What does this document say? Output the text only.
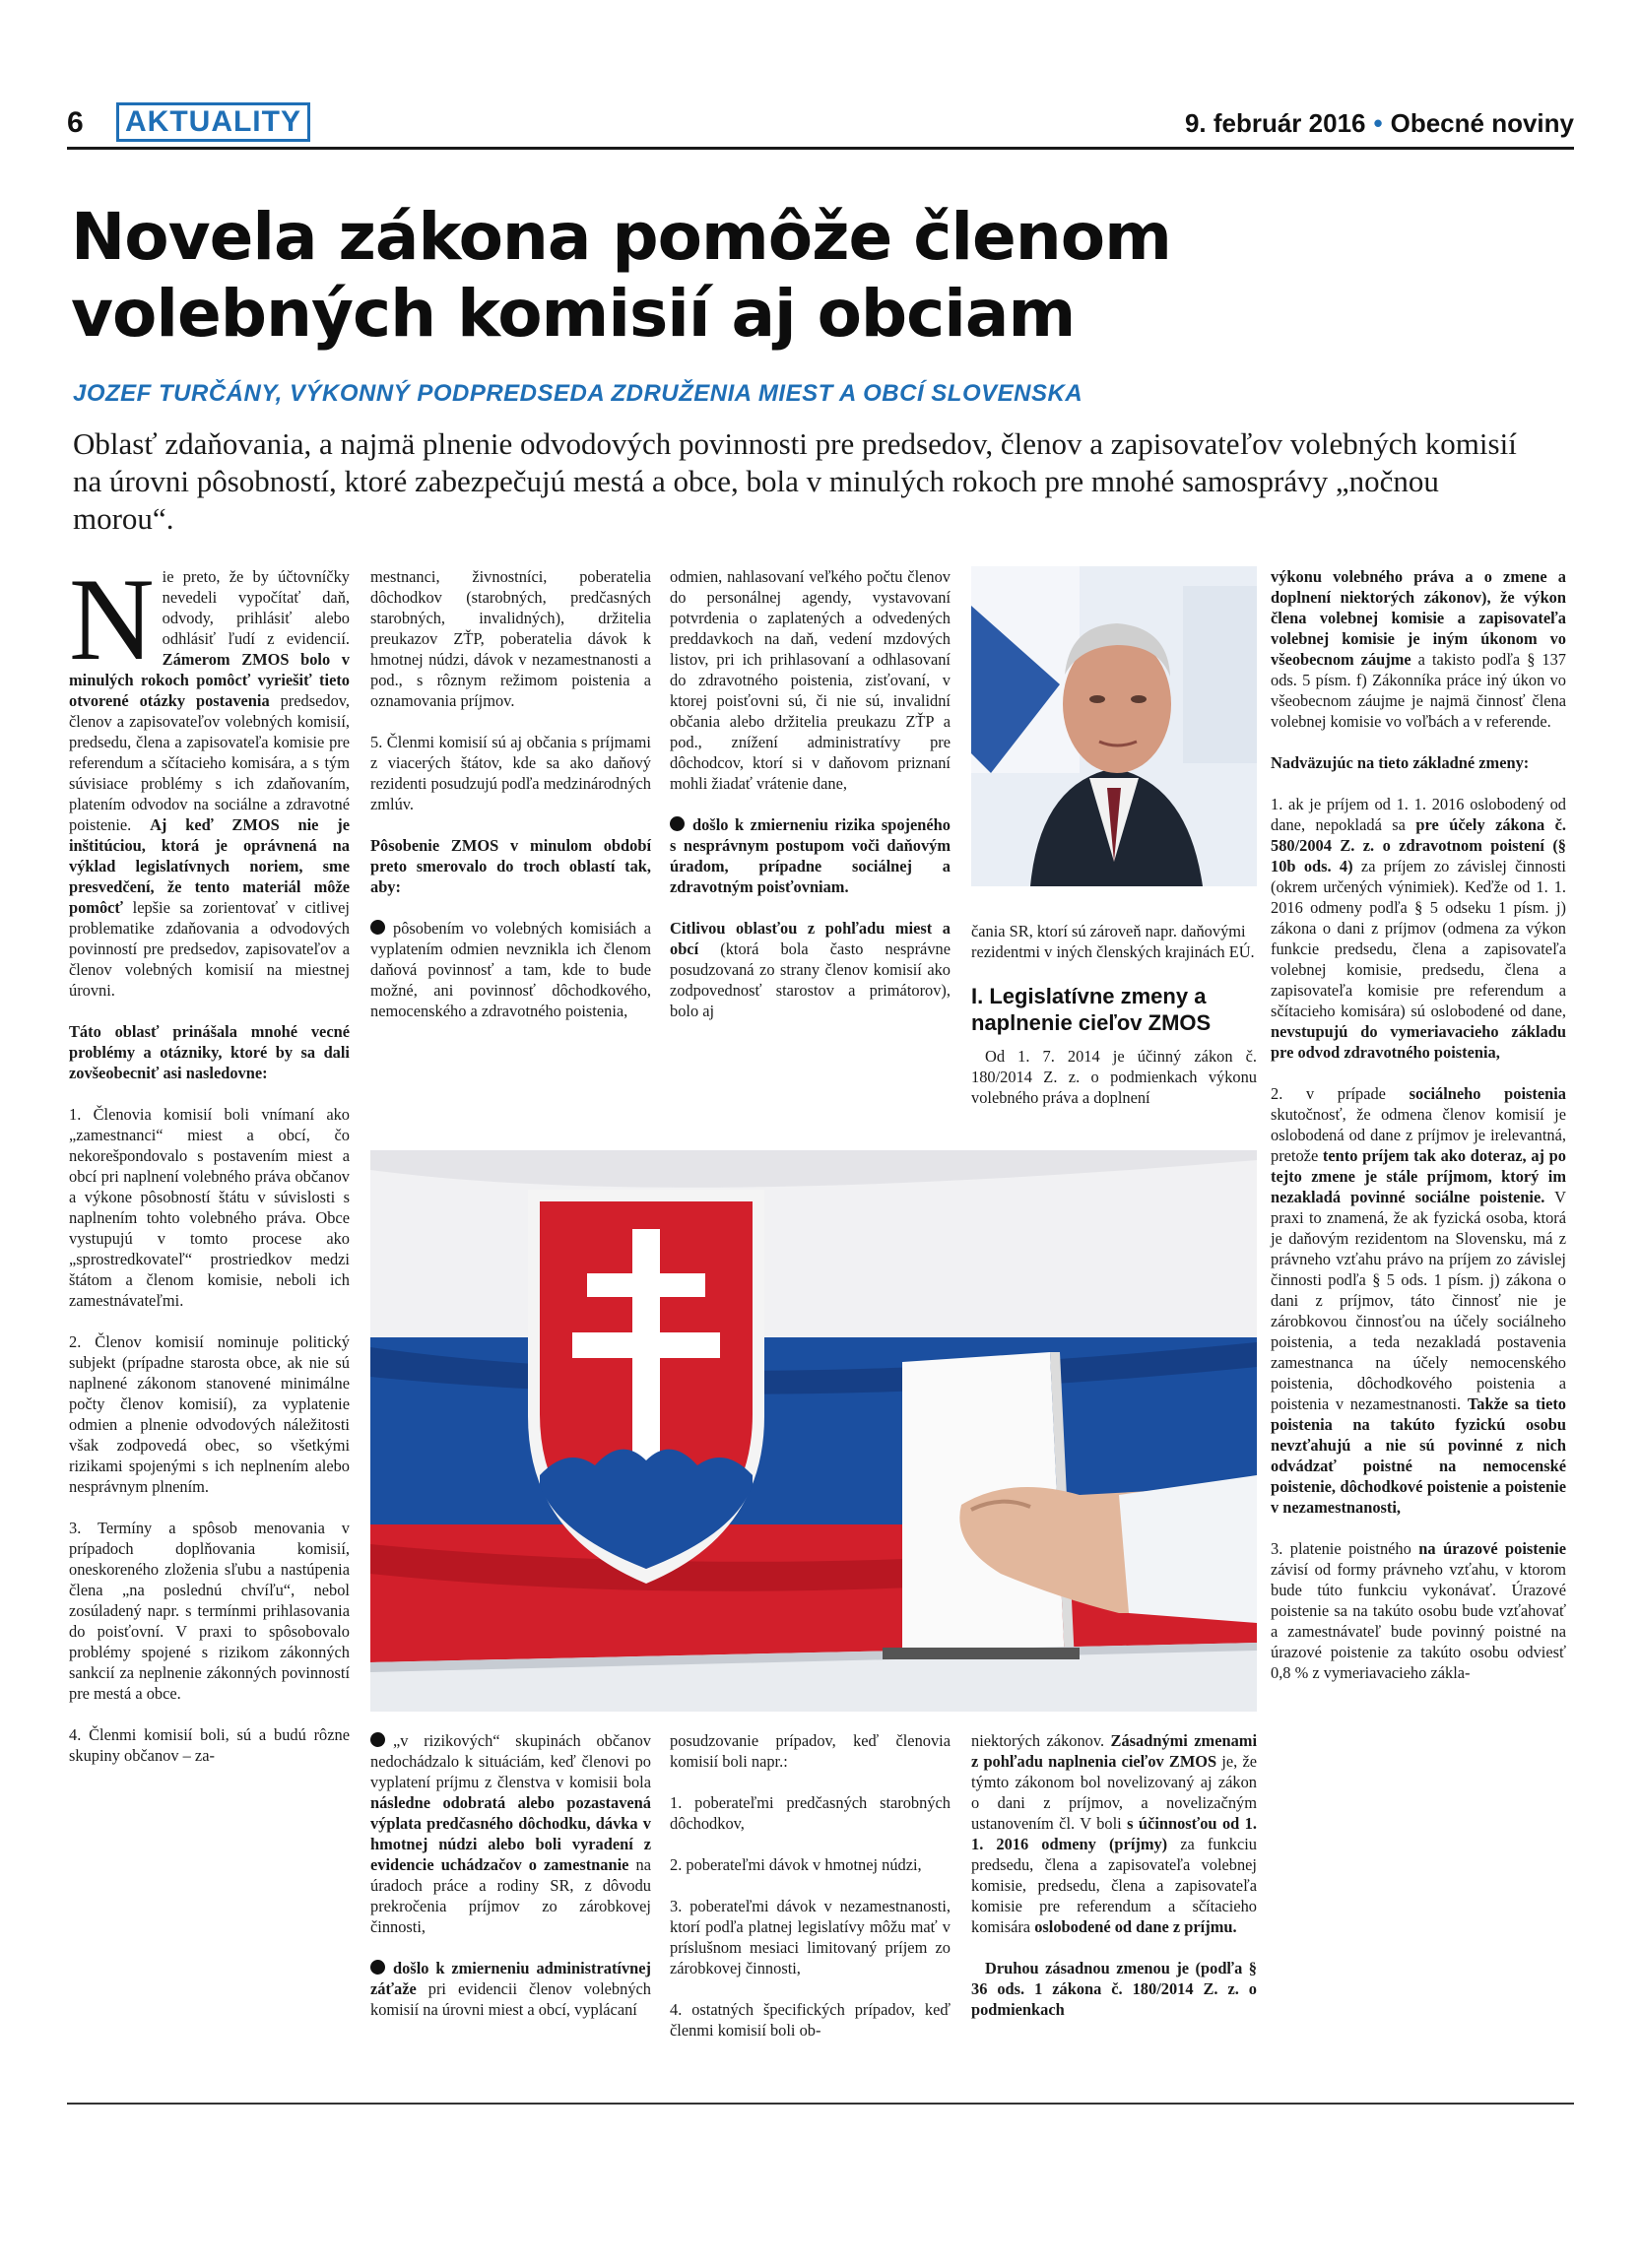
6	AKTUALITY	9. február 2016 • Obecné noviny
Novela zákona pomôže členom
volebných komisií aj obciam
JOZEF TURČÁNY, VÝKONNÝ PODPREDSEDA ZDRUŽENIA MIEST A OBCÍ SLOVENSKA

Oblasť zdaňovania, a najmä plnenie odvodových povinnosti pre predsedov, členov a zapisovateľov volebných komisií na úrovni pôsobností, ktoré zabezpečujú mestá a obce, bola v minulých rokoch pre mnohé samosprávy „nočnou morou“.

Nie preto, že by účtovníčky nevedeli vypočítať daň, odvody, prihlásiť alebo odhlásiť ľudí z evidencií. Zámerom ZMOS bolo v minulých rokoch pomôcť vyriešiť tieto otvorené otázky postavenia predsedov, členov a zapisovateľov volebných komisií, predsedu, člena a zapisovateľa komisie pre referendum a sčítacieho komisára, a s tým súvisiace problémy s ich zdaňovaním, platením odvodov na sociálne a zdravotné poistenie. Aj keď ZMOS nie je inštitúciou, ktorá je oprávnená na výklad legislatívnych noriem, sme presvedčení, že tento materiál môže pomôcť lepšie sa zorientovať v citlivej problematike zdaňovania a odvodových povinností pre predsedov, zapisovateľov a členov volebných komisií na miestnej úrovni.

Táto oblasť prinášala mnohé vecné problémy a otázniky, ktoré by sa dali zovšeobecniť asi nasledovne:

1. Členovia komisií boli vnímaní ako „zamestnanci“ miest a obcí, čo nekorešpondovalo s postavením miest a obcí pri naplnení volebného práva občanov a výkone pôsobností štátu v súvislosti s naplnením tohto volebného práva. Obce vystupujú v tomto procese ako „sprostredkovateľ“ prostriedkov medzi štátom a členom komisie, neboli ich zamestnávateľmi.

2. Členov komisií nominuje politický subjekt (prípadne starosta obce, ak nie sú naplnené zákonom stanovené minimálne počty členov komisií), za vyplatenie odmien a plnenie odvodových náležitosti však zodpovedá obec, so všetkými rizikami spojenými s ich neplnením alebo nesprávnym plnením.

3. Termíny a spôsob menovania v prípadoch doplňovania komisií, oneskoreného zloženia sľubu a nastúpenia člena „na poslednú chvíľu“, nebol zosúladený napr. s termínmi prihlasovania do poisťovní. V praxi to spôsobovalo problémy spojené s rizikom zákonných sankcií za neplnenie zákonných povinností pre mestá a obce.

4. Členmi komisií boli, sú a budú rôzne skupiny občanov – za-

mestnanci, živnostníci, poberatelia dôchodkov (starobných, predčasných starobných, invalidných), držitelia preukazov ZŤP, poberatelia dávok k hmotnej núdzi, dávok v nezamestnanosti a pod., s rôznym režimom poistenia a oznamovania príjmov.

5. Členmi komisií sú aj občania s príjmami z viacerých štátov, kde sa ako daňový rezidenti posudzujú podľa medzinárodných zmlúv.

Pôsobenie ZMOS v minulom období preto smerovalo do troch oblastí tak, aby:

pôsobením vo volebných komisiách a vyplatením odmien nevznikla ich členom daňová povinnosť a tam, kde to bude možné, ani povinnosť dôchodkového, nemocenského a zdravotného poistenia,

odmien, nahlasovaní veľkého počtu členov do personálnej agendy, vystavovaní potvrdenia o zaplatených a odvedených preddavkoch na daň, vedení mzdových listov, pri ich prihlasovaní a odhlasovaní do zdravotného poistenia, zisťovaní, v ktorej poisťovni sú, či nie sú, invalidní občania alebo držitelia preukazu ZŤP a pod., znížení administratívy pre dôchodcov, ktorí si v daňovom priznaní mohli žiadať vrátenie dane,

došlo k zmierneniu rizika spojeného s nesprávnym postupom voči daňovým úradom, prípadne sociálnej a zdravotným poisťovniam.

Citlivou oblasťou z pohľadu miest a obcí (ktorá bola často nesprávne posudzovaná zo strany členov komisií ako zodpovednosť starostov a primátorov), bolo aj

čania SR, ktorí sú zároveň napr. daňovými rezidentmi v iných členských krajinách EÚ.

I. Legislatívne zmeny a naplnenie cieľov ZMOS

Od 1. 7. 2014 je účinný zákon č. 180/2014 Z. z. o podmienkach výkonu volebného práva a doplnení

výkonu volebného práva a o zmene a doplnení niektorých zákonov), že výkon člena volebnej komisie a zapisovateľa volebnej komisie je iným úkonom vo všeobecnom záujme a takisto podľa § 137 ods. 5 písm. f) Zákonníka práce iný úkon vo všeobecnom záujme je najmä činnosť člena volebnej komisie vo voľbách a v referende.

Nadväzujúc na tieto základné zmeny:

1. ak je príjem od 1. 1. 2016 oslobodený od dane, nepokladá sa pre účely zákona č. 580/2004 Z. z. o zdravotnom poistení (§ 10b ods. 4) za príjem zo závislej činnosti (okrem určených výnimiek). Keďže od 1. 1. 2016 odmeny podľa § 5 odseku 1 písm. j) zákona o dani z príjmov (odmena za výkon funkcie predsedu, člena a zapisovateľa volebnej komisie, predsedu, člena a zapisovateľa komisie pre referendum a sčítacieho komisára) sú oslobodené od dane, nevstupujú do vymeriavacieho základu pre odvod zdravotného poistenia,

2. v prípade sociálneho poistenia skutočnosť, že odmena členov komisií je oslobodená od dane z príjmov je irelevantná, pretože tento príjem tak ako doteraz, aj po tejto zmene je stále príjmom, ktorý im nezakladá povinné sociálne poistenie. V praxi to znamená, že ak fyzická osoba, ktorá je daňovým rezidentom na Slovensku, má z právneho vzťahu právo na príjem zo závislej činnosti podľa § 5 ods. 1 písm. j) zákona o dani z príjmov, táto činnosť nie je zárobkovou činnosťou na účely sociálneho poistenia, a teda nezakladá postavenia zamestnanca na účely nemocenského poistenia, dôchodkového poistenia a poistenia v nezamestnanosti. Takže sa tieto poistenia na takúto fyzickú osobu nevzťahujú a nie sú povinné z nich odvádzať poistné na nemocenské poistenie, dôchodkové poistenie a poistenie v nezamestnanosti,

3. platenie poistného na úrazové poistenie závisí od formy právneho vzťahu, v ktorom bude túto funkciu vykonávať. Úrazové poistenie sa na takúto osobu bude vzťahovať a zamestnávateľ bude povinný poistné na úrazové poistenie za takúto osobu odviesť 0,8 % z vymeriavacieho zákla-

„v rizikových“ skupinách občanov nedochádzalo k situáciám, keď členovi po vyplatení príjmu z členstva v komisii bola následne odobratá alebo pozastavená výplata predčasného dôchodku, dávka v hmotnej núdzi alebo boli vyradení z evidencie uchádzačov o zamestnanie na úradoch práce a rodiny SR, z dôvodu prekročenia príjmov zo zárobkovej činnosti,

došlo k zmierneniu administratívnej záťaže pri evidencii členov volebných komisií na úrovni miest a obcí, vyplácaní

posudzovanie prípadov, keď členovia komisií boli napr.:

1. poberateľmi predčasných starobných dôchodkov,

2. poberateľmi dávok v hmotnej núdzi,

3. poberateľmi dávok v nezamestnanosti, ktorí podľa platnej legislatívy môžu mať v príslušnom mesiaci limitovaný príjem zo zárobkovej činnosti,

4. ostatných špecifických prípadov, keď členmi komisií boli ob-

niektorých zákonov. Zásadnými zmenami z pohľadu naplnenia cieľov ZMOS je, že týmto zákonom bol novelizovaný aj zákon o dani z príjmov, a novelizačným ustanovením čl. V boli s účinnosťou od 1. 1. 2016 odmeny (príjmy) za funkciu predsedu, člena a zapisovateľa volebnej komisie, predsedu, člena a zapisovateľa komisie pre referendum a sčítacieho komisára oslobodené od dane z príjmu.

Druhou zásadnou zmenou je (podľa § 36 ods. 1 zákona č. 180/2014 Z. z. o podmienkach
